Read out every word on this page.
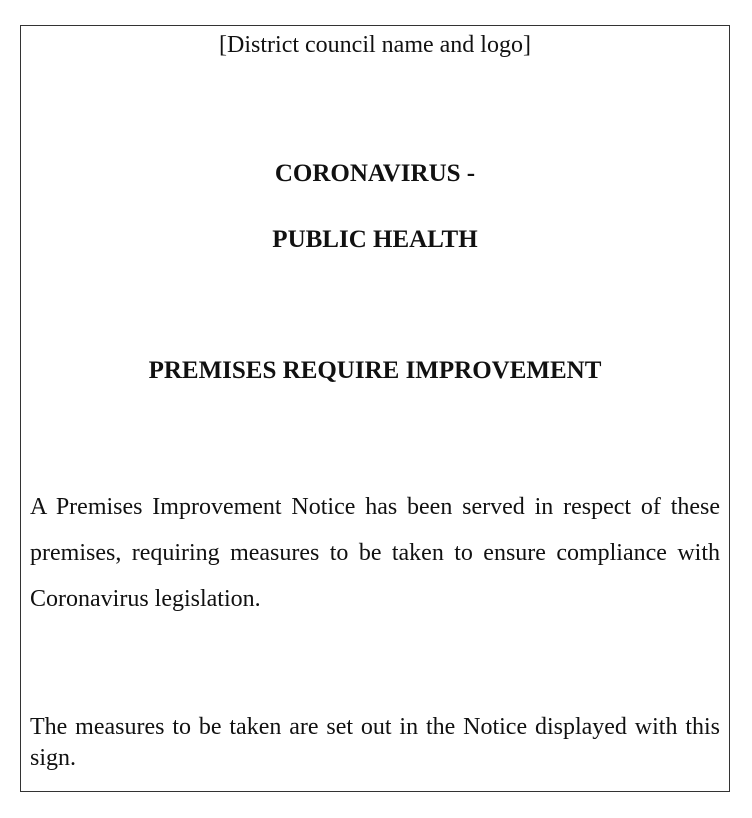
[District council name and logo]
CORONAVIRUS -
PUBLIC HEALTH
PREMISES REQUIRE IMPROVEMENT
A Premises Improvement Notice has been served in respect of these premises, requiring measures to be taken to ensure compliance with Coronavirus legislation.
The measures to be taken are set out in the Notice displayed with this sign.
